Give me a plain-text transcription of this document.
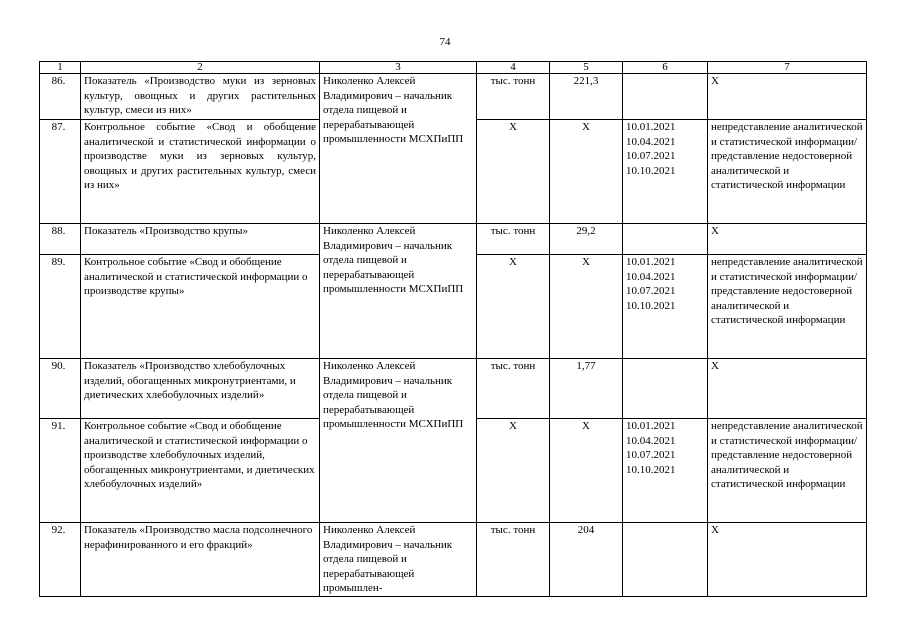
74
1	2	3	4	5	6	7
86.	Показатель «Производство муки из зерновых культур, овощных и других растительных культур, смеси из них»	Николенко Алексей Владимирович – начальник отдела пищевой и перерабатывающей промышленности МСХПиПП	тыс. тонн	221,3		X
87.	Контрольное событие «Свод и обобщение аналитической и статистической информации о производстве муки из зерновых культур, овощных и других растительных культур, смеси из них»		X	X	10.01.2021
10.04.2021
10.07.2021
10.10.2021	непредставление аналитической и статистической информации/ представление недостоверной аналитической и статистической информации
88.	Показатель «Производство крупы»	Николенко Алексей Владимирович – начальник отдела пищевой и перерабатывающей промышленности МСХПиПП	тыс. тонн	29,2		X
89.	Контрольное событие «Свод и обобщение аналитической и статистической информации о производстве крупы»		X	X	10.01.2021
10.04.2021
10.07.2021
10.10.2021	непредставление аналитической и статистической информации/ представление недостоверной аналитической и статистической информации
90.	Показатель «Производство хлебобулочных изделий, обогащенных микронутриентами, и диетических хлебобулочных изделий»	Николенко Алексей Владимирович – начальник отдела пищевой и перерабатывающей промышленности МСХПиПП	тыс. тонн	1,77		X
91.	Контрольное событие «Свод и обобщение аналитической и статистической информации о производстве хлебобулочных изделий, обогащенных микронутриентами, и диетических хлебобулочных изделий»		X	X	10.01.2021
10.04.2021
10.07.2021
10.10.2021	непредставление аналитической и статистической информации/ представление недостоверной аналитической и статистической информации
92.	Показатель «Производство масла подсолнечного нерафинированного и его фракций»	Николенко Алексей Владимирович – начальник отдела пищевой и перерабатывающей промышлен-	тыс. тонн	204		X
